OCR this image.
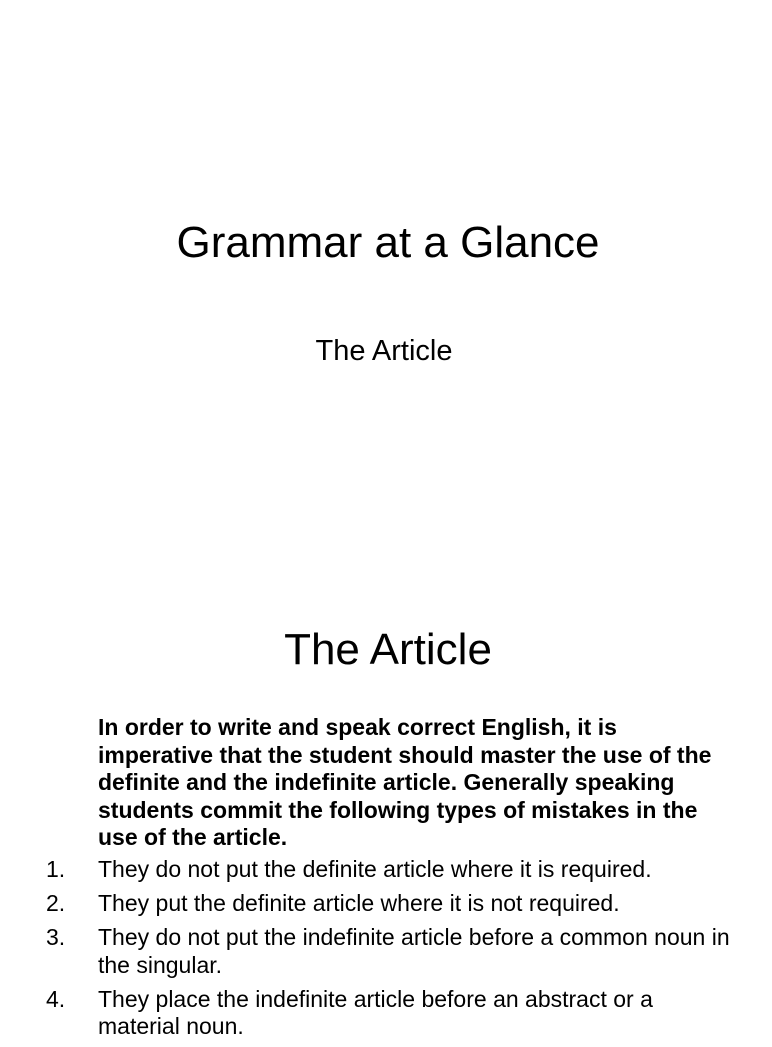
Grammar at a Glance
The Article
The Article

In order to write and speak correct English, it is imperative that the student should master the use of the definite and the indefinite article. Generally speaking students commit the following types of mistakes in the use of the article.

1. They do not put the definite article where it is required.
2. They put the definite article where it is not required.
3. They do not put the indefinite article before a common noun in the singular.
4. They place the indefinite article before an abstract or a material noun.
